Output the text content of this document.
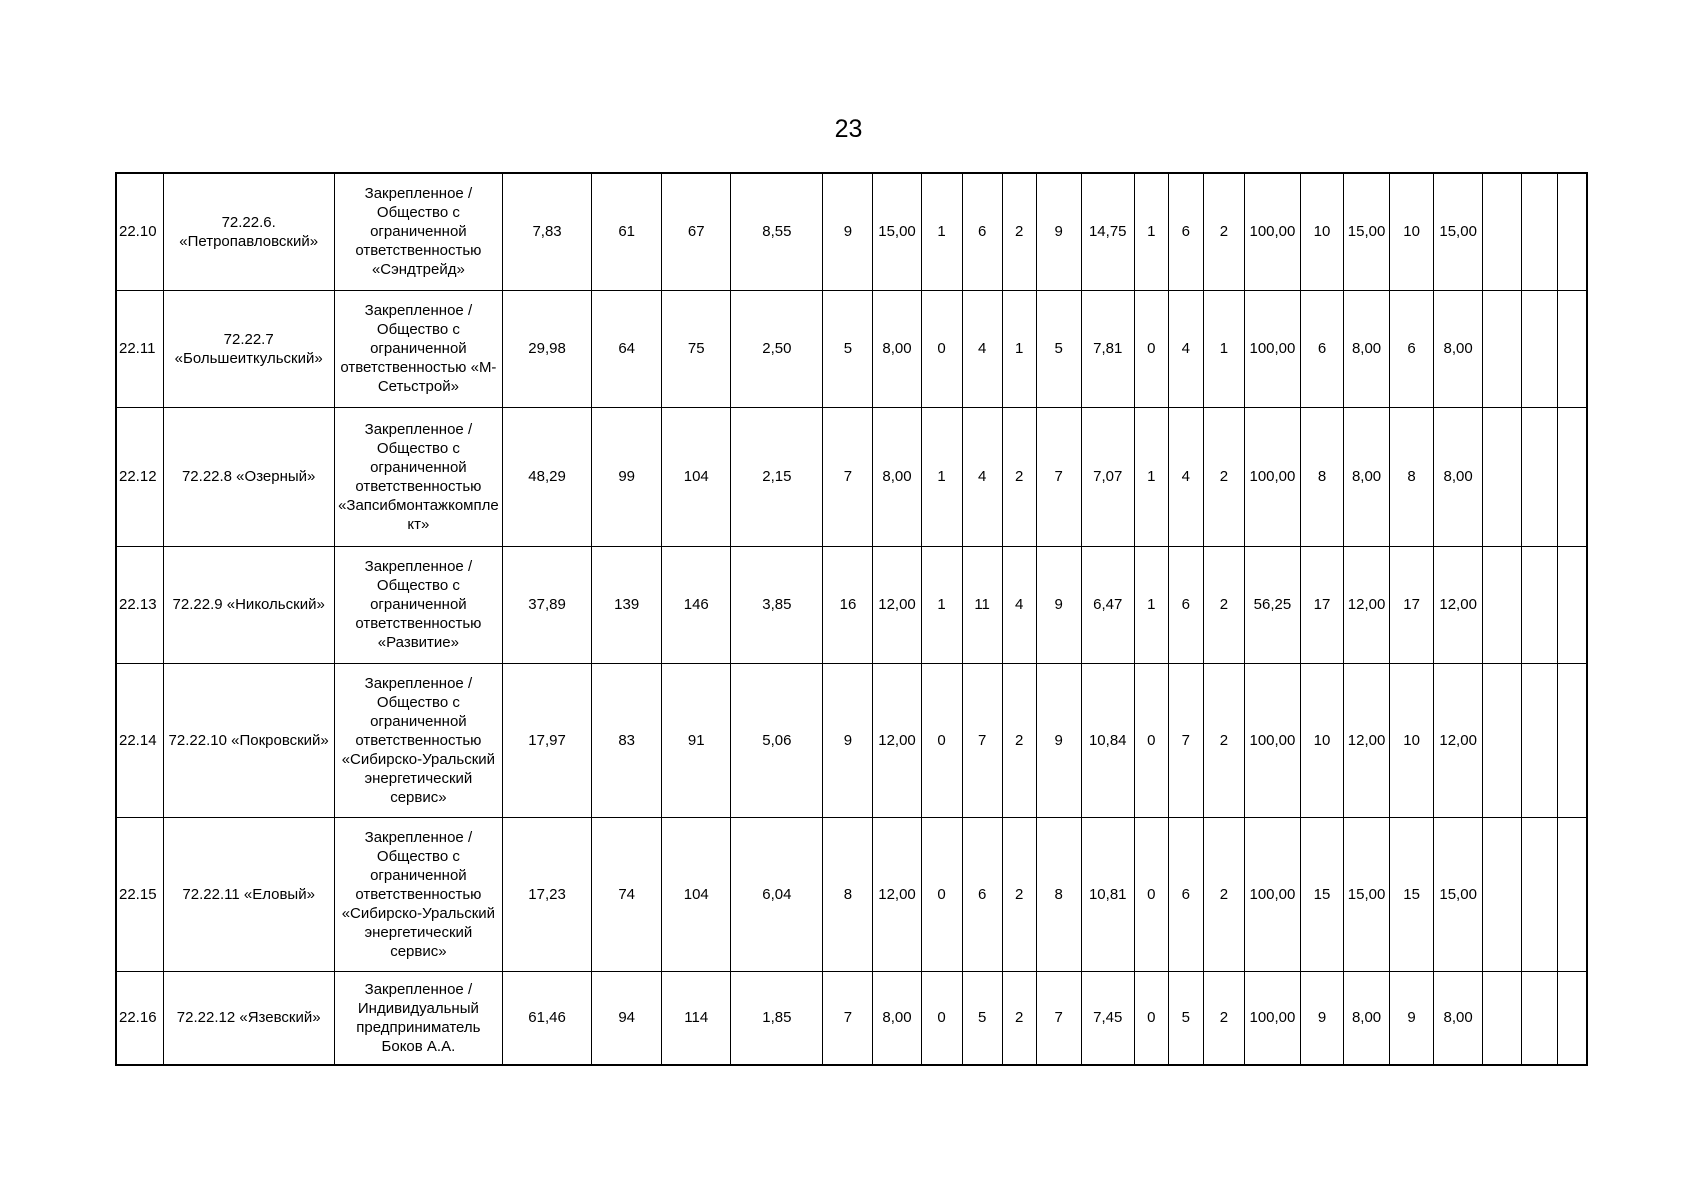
23
22.10	72.22.6. «Петропавловский»	Закрепленное / Общество с ограниченной ответственностью «Сэндтрейд»	7,83	61	67	8,55	9	15,00	1	6	2	9	14,75	1	6	2	100,00	10	15,00	10	15,00			
22.11	72.22.7 «Большеиткульский»	Закрепленное / Общество с ограниченной ответственностью «М-Сетьстрой»	29,98	64	75	2,50	5	8,00	0	4	1	5	7,81	0	4	1	100,00	6	8,00	6	8,00			
22.12	72.22.8 «Озерный»	Закрепленное / Общество с ограниченной ответственностью «Запсибмонтажкомплект»	48,29	99	104	2,15	7	8,00	1	4	2	7	7,07	1	4	2	100,00	8	8,00	8	8,00			
22.13	72.22.9 «Никольский»	Закрепленное / Общество с ограниченной ответственностью «Развитие»	37,89	139	146	3,85	16	12,00	1	11	4	9	6,47	1	6	2	56,25	17	12,00	17	12,00			
22.14	72.22.10 «Покровский»	Закрепленное / Общество с ограниченной ответственностью «Сибирско-Уральский энергетический сервис»	17,97	83	91	5,06	9	12,00	0	7	2	9	10,84	0	7	2	100,00	10	12,00	10	12,00			
22.15	72.22.11 «Еловый»	Закрепленное / Общество с ограниченной ответственностью «Сибирско-Уральский энергетический сервис»	17,23	74	104	6,04	8	12,00	0	6	2	8	10,81	0	6	2	100,00	15	15,00	15	15,00			
22.16	72.22.12 «Язевский»	Закрепленное / Индивидуальный предприниматель Боков А.А.	61,46	94	114	1,85	7	8,00	0	5	2	7	7,45	0	5	2	100,00	9	8,00	9	8,00			
